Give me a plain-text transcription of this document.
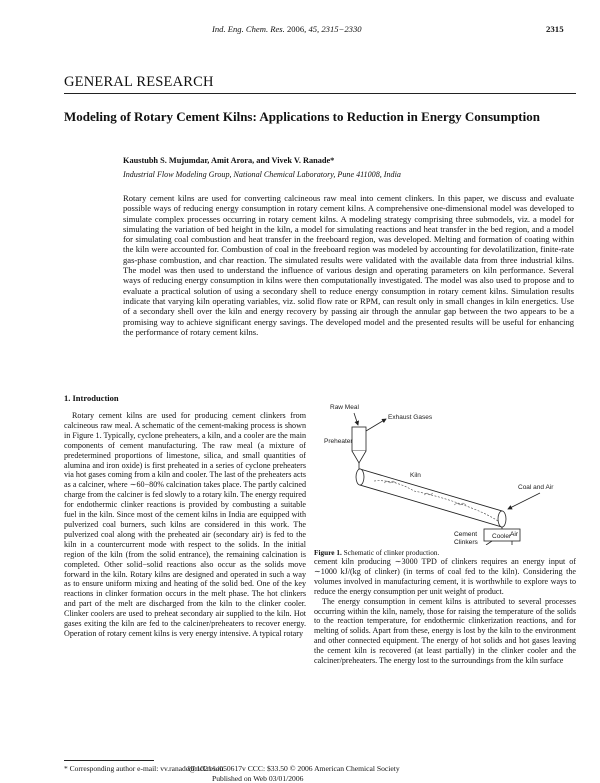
Ind. Eng. Chem. Res. 2006, 45, 2315−2330	2315
GENERAL RESEARCH
Modeling of Rotary Cement Kilns: Applications to Reduction in Energy Consumption
Kaustubh S. Mujumdar, Amit Arora, and Vivek V. Ranade*
Industrial Flow Modeling Group, National Chemical Laboratory, Pune 411008, India

Rotary cement kilns are used for converting calcineous raw meal into cement clinkers. In this paper, we discuss and evaluate possible ways of reducing energy consumption in rotary cement kilns. A comprehensive one-dimensional model was developed to simulate complex processes occurring in rotary cement kilns. A modeling strategy comprising three submodels, viz. a model for simulating the variation of bed height in the kiln, a model for simulating reactions and heat transfer in the bed region, and a model for simulating coal combustion and heat transfer in the freeboard region, was developed. Melting and formation of coating within the kiln were accounted for. Combustion of coal in the freeboard region was modeled by accounting for devolatilization, finite-rate gas-phase combustion, and char reaction. The simulated results were validated with the available data from three industrial kilns. The model was then used to understand the influence of various design and operating parameters on kiln performance. Several ways of reducing energy consumption in kilns were then computationally investigated. The model was also used to propose and to evaluate a practical solution of using a secondary shell to reduce energy consumption in rotary cement kilns. Simulation results indicate that varying kiln operating variables, viz. solid flow rate or RPM, can result only in small changes in kiln energetics. Use of a secondary shell over the kiln and energy recovery by passing air through the annular gap between the two appears to be a promising way to achieve significant energy savings. The developed model and the presented results will be useful for enhancing the performance of rotary cement kilns.

1. Introduction

Rotary cement kilns are used for producing cement clinkers from calcineous raw meal. A schematic of the cement-making process is shown in Figure 1. Typically, cyclone preheaters, a kiln, and a cooler are the main components of cement manufacturing. The raw meal (a mixture of predetermined proportions of limestone, silica, and small quantities of alumina and iron oxide) is first preheated in a series of cyclone preheaters via hot gases coming from a kiln and cooler. The last of the preheaters acts as a calciner, where ∼60−80% calcination takes place. The partly calcined charge from the calciner is fed slowly to a rotary kiln. The energy required for endothermic clinker reactions is provided by combusting a suitable fuel in the kiln. Since most of the cement kilns in India are equipped with pulverized coal burners, such kilns are considered in this work. The pulverized coal along with the preheated air (secondary air) is fed to the kiln in a countercurrent mode with respect to the solids. In the initial region of the kiln (from the solid entrance), the remaining calcination is completed. Other solid−solid reactions also occur as the solids move forward in the kiln. Rotary kilns are designed and operated in such a way as to ensure uniform mixing and heating of the solid bed. One of the key reactions in clinker formation occurs in the melt phase. The hot clinkers and part of the melt are discharged from the kiln to the clinker cooler. Clinker coolers are used to preheat secondary air supplied to the kiln. Hot gases exiting the kiln are fed to the calciner/preheaters to recover energy. Operation of rotary cement kilns is very energy intensive. A typical rotary

Raw Meal
Preheater
Exhaust Gases
Kiln
Coal and Air
Cooler
Cement
Clinkers
Air
Figure 1. Schematic of clinker production.

cement kiln producing ∼3000 TPD of clinkers requires an energy input of ∼1000 kJ/(kg of clinker) (in terms of coal fed to the kiln). Considering the volumes involved in manufacturing cement, it is worthwhile to explore ways to reduce the energy consumption per unit weight of product.

The energy consumption in cement kilns is attributed to several processes occurring within the kiln, namely, those for raising the temperature of the solids to the reaction temperature, for endothermic clinkerization reactions, and for melting of solids. Apart from these, energy is lost by the kiln to the environment and other connected equipment. The energy of hot solids and hot gases leaving the cement kiln is recovered (at least partially) in the clinker cooler and the calciner/preheaters. The energy lost to the surroundings from the kiln surface

* Corresponding author e-mail: vv.ranade@ncl.res.in.
10.1021/ie050617v CCC: $33.50 © 2006 American Chemical Society
Published on Web 03/01/2006
